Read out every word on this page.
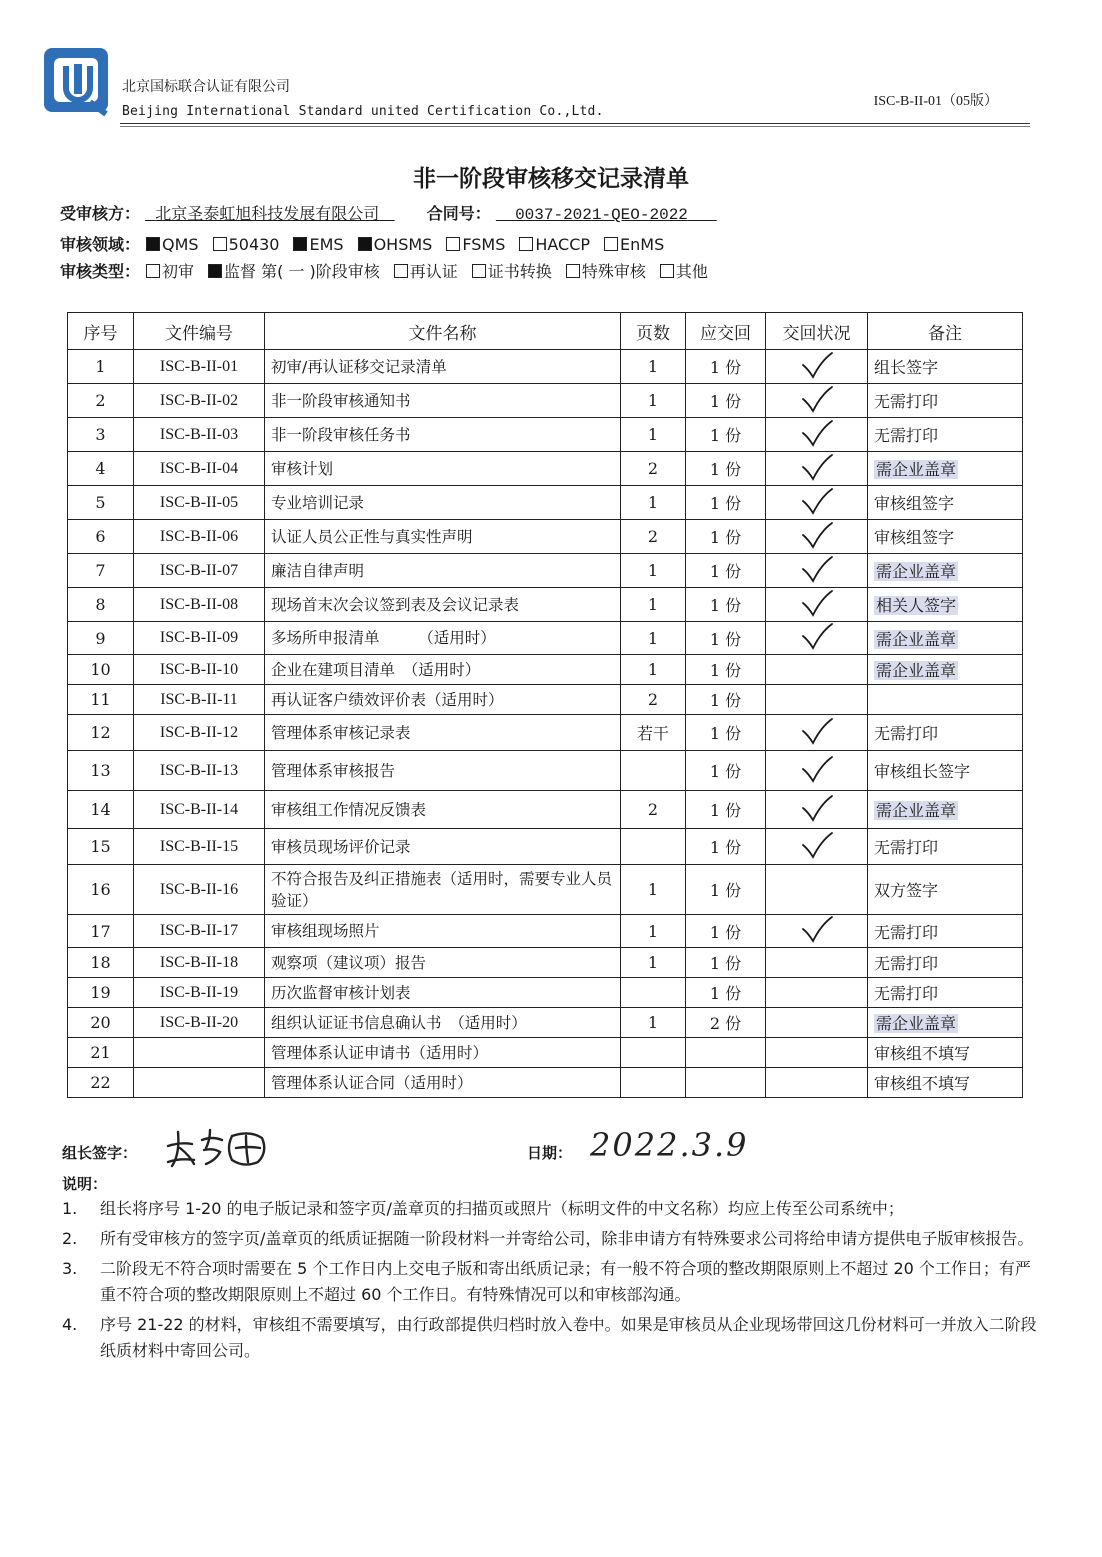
北京国标联合认证有限公司
Beijing International Standard united Certification Co.,Ltd.
ISC-B-II-01（05版）
非一阶段审核移交记录清单
受审核方： 北京圣泰虹旭科技发展有限公司	合同号： 0037-2021-QEO-2022
审核领域： QMS 50430 EMS OHSMS FSMS HACCP EnMS
审核类型： 初审 监督 第( 一 )阶段审核 再认证 证书转换 特殊审核 其他
序号	文件编号	文件名称	页数	应交回	交回状况	备注
1	ISC-B-II-01	初审/再认证移交记录清单	1	1 份		组长签字
2	ISC-B-II-02	非一阶段审核通知书	1	1 份		无需打印
3	ISC-B-II-03	非一阶段审核任务书	1	1 份		无需打印
4	ISC-B-II-04	审核计划	2	1 份		需企业盖章
5	ISC-B-II-05	专业培训记录	1	1 份		审核组签字
6	ISC-B-II-06	认证人员公正性与真实性声明	2	1 份		审核组签字
7	ISC-B-II-07	廉洁自律声明	1	1 份		需企业盖章
8	ISC-B-II-08	现场首末次会议签到表及会议记录表	1	1 份		相关人签字
9	ISC-B-II-09	多场所申报清单　　　（适用时）	1	1 份		需企业盖章
10	ISC-B-II-10	企业在建项目清单　（适用时）	1	1 份		需企业盖章
11	ISC-B-II-11	再认证客户绩效评价表（适用时）	2	1 份		
12	ISC-B-II-12	管理体系审核记录表	若干	1 份		无需打印
13	ISC-B-II-13	管理体系审核报告		1 份		审核组长签字
14	ISC-B-II-14	审核组工作情况反馈表	2	1 份		需企业盖章
15	ISC-B-II-15	审核员现场评价记录		1 份		无需打印
16	ISC-B-II-16	不符合报告及纠正措施表（适用时，需要专业人员验证）	1	1 份		双方签字
17	ISC-B-II-17	审核组现场照片	1	1 份		无需打印
18	ISC-B-II-18	观察项（建议项）报告	1	1 份		无需打印
19	ISC-B-II-19	历次监督审核计划表		1 份		无需打印
20	ISC-B-II-20	组织认证证书信息确认书　（适用时）	1	2 份		需企业盖章
21		管理体系认证申请书（适用时）				审核组不填写
22		管理体系认证合同（适用时）				审核组不填写
组长签字：	日期： 2022.3.9
说明：
1.	组长将序号 1-20 的电子版记录和签字页/盖章页的扫描页或照片（标明文件的中文名称）均应上传至公司系统中；
2.	所有受审核方的签字页/盖章页的纸质证据随一阶段材料一并寄给公司，除非申请方有特殊要求公司将给申请方提供电子版审核报告。
3.	二阶段无不符合项时需要在 5 个工作日内上交电子版和寄出纸质记录；有一般不符合项的整改期限原则上不超过 20 个工作日；有严重不符合项的整改期限原则上不超过 60 个工作日。有特殊情况可以和审核部沟通。
4.	序号 21-22 的材料，审核组不需要填写，由行政部提供归档时放入卷中。如果是审核员从企业现场带回这几份材料可一并放入二阶段纸质材料中寄回公司。
